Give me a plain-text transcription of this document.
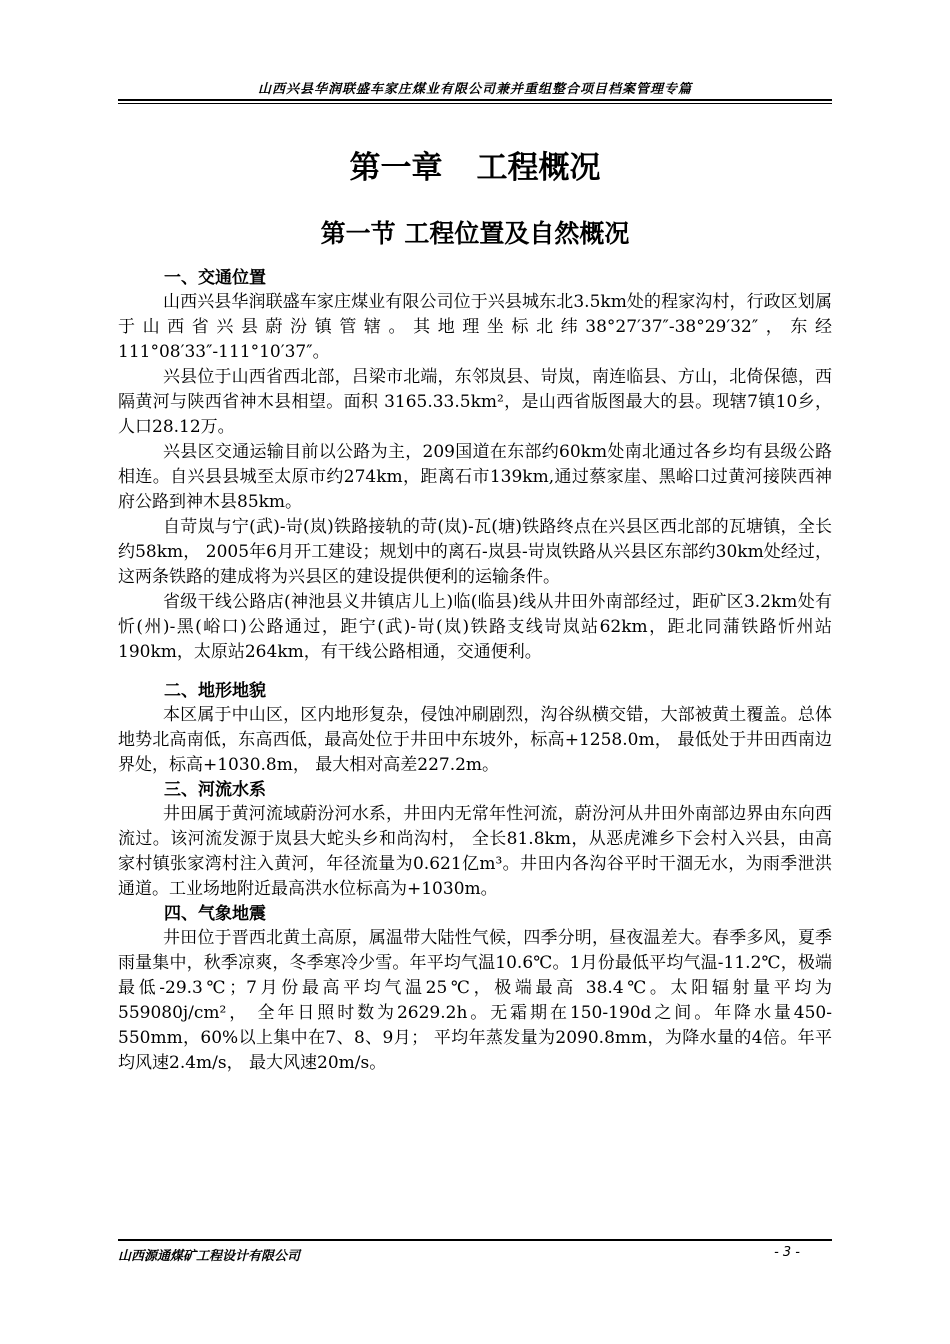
山西兴县华润联盛车家庄煤业有限公司兼并重组整合项目档案管理专篇
第一章 工程概况
第一节 工程位置及自然概况
一、交通位置

山西兴县华润联盛车家庄煤业有限公司位于兴县城东北3.5km处的程家沟村，行政区划属于山西省兴县蔚汾镇管辖。其地理坐标北纬38°27′37″-38°29′32″，东经111°08′33″-111°10′37″。

兴县位于山西省西北部，吕梁市北端，东邻岚县、岢岚，南连临县、方山，北倚保德，西隔黄河与陕西省神木县相望。面积 3165.33.5km²，是山西省版图最大的县。现辖7镇10乡，人口28.12万。

兴县区交通运输目前以公路为主，209国道在东部约60km处南北通过各乡均有县级公路相连。自兴县县城至太原市约274km，距离石市139km,通过蔡家崖、黑峪口过黄河接陕西神府公路到神木县85km。

自苛岚与宁(武)-岢(岚)铁路接轨的苛(岚)-瓦(塘)铁路终点在兴县区西北部的瓦塘镇，全长约58km， 2005年6月开工建设；规划中的离石-岚县-岢岚铁路从兴县区东部约30km处经过，这两条铁路的建成将为兴县区的建设提供便利的运输条件。

省级干线公路店(神池县义井镇店儿上)临(临县)线从井田外南部经过，距矿区3.2km处有忻(州)-黑(峪口)公路通过，距宁(武)-岢(岚)铁路支线岢岚站62km，距北同蒲铁路忻州站190km，太原站264km，有干线公路相通，交通便利。

二、地形地貌

本区属于中山区，区内地形复杂，侵蚀冲刷剧烈，沟谷纵横交错，大部被黄土覆盖。总体地势北高南低，东高西低，最高处位于井田中东坡外，标高+1258.0m， 最低处于井田西南边界处，标高+1030.8m， 最大相对高差227.2m。

三、河流水系

井田属于黄河流域蔚汾河水系，井田内无常年性河流，蔚汾河从井田外南部边界由东向西流过。该河流发源于岚县大蛇头乡和尚沟村， 全长81.8km，从恶虎滩乡下会村入兴县，由高家村镇张家湾村注入黄河，年径流量为0.621亿m³。井田内各沟谷平时干涸无水，为雨季泄洪通道。工业场地附近最高洪水位标高为+1030m。

四、气象地震

井田位于晋西北黄土高原，属温带大陆性气候，四季分明，昼夜温差大。春季多风，夏季雨量集中，秋季凉爽，冬季寒冷少雪。年平均气温10.6℃。1月份最低平均气温-11.2℃，极端最低-29.3℃；7月份最高平均气温25℃，极端最高 38.4℃。太阳辐射量平均为559080j/cm²， 全年日照时数为2629.2h。无霜期在150-190d之间。年降水量450-550mm，60%以上集中在7、8、9月； 平均年蒸发量为2090.8mm，为降水量的4倍。年平均风速2.4m/s， 最大风速20m/s。

山西源通煤矿工程设计有限公司	- 3 -
